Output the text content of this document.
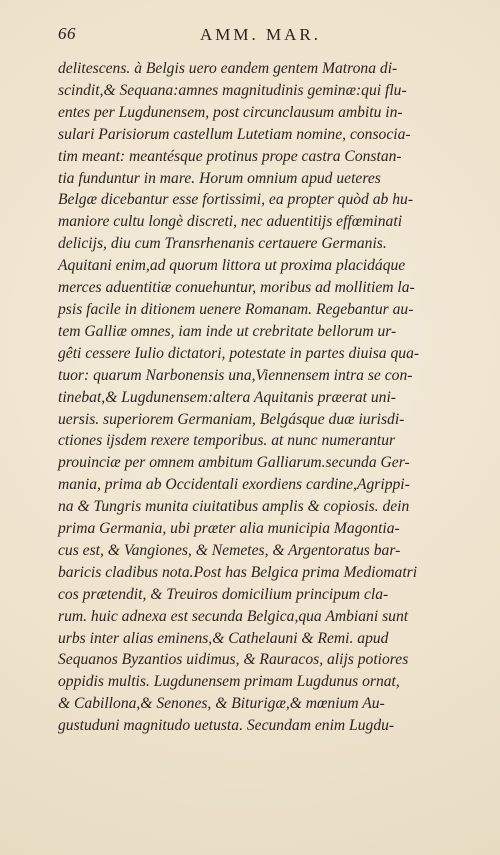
66	AMM. MAR.
delitescens. à Belgis uero eandem gentem Matrona di-
scindit,& Sequana:amnes magnitudinis geminæ:qui flu-
entes per Lugdunensem, post circunclausum ambitu in-
sulari Parisiorum castellum Lutetiam nomine, consocia-
tim meant: meantésque protinus prope castra Constan-
tia funduntur in mare. Horum omnium apud ueteres
Belgæ dicebantur esse fortissimi, ea propter quòd ab hu-
maniore cultu longè discreti, nec aduentitijs effœminati
delicijs, diu cum Transrhenanis certauere Germanis.
Aquitani enim,ad quorum littora ut proxima placidáque
merces aduentitiæ conuehuntur, moribus ad mollitiem la-
psis facile in ditionem uenere Romanam. Regebantur au-
tem Galliæ omnes, iam inde ut crebritate bellorum ur-
gêti cessere Iulio dictatori, potestate in partes diuisa qua-
tuor: quarum Narbonensis una,Viennensem intra se con-
tinebat,& Lugdunensem:altera Aquitanis præerat uni-
uersis. superiorem Germaniam, Belgásque duæ iurisdi-
ctiones ijsdem rexere temporibus. at nunc numerantur
prouinciæ per omnem ambitum Galliarum.secunda Ger-
mania, prima ab Occidentali exordiens cardine,Agrippi-
na & Tungris munita ciuitatibus amplis & copiosis. dein
prima Germania, ubi præter alia municipia Magontia-
cus est, & Vangiones, & Nemetes, & Argentoratus bar-
baricis cladibus nota.Post has Belgica prima Mediomatri
cos prætendit, & Treuiros domicilium principum cla-
rum. huic adnexa est secunda Belgica,qua Ambiani sunt
urbs inter alias eminens,& Cathelauni & Remi. apud
Sequanos Byzantios uidimus, & Rauracos, alijs potiores
oppidis multis. Lugdunensem primam Lugdunus ornat,
& Cabillona,& Senones, & Biturigæ,& mœnium Au-
gustuduni magnitudo uetusta. Secundam enim Lugdu-
